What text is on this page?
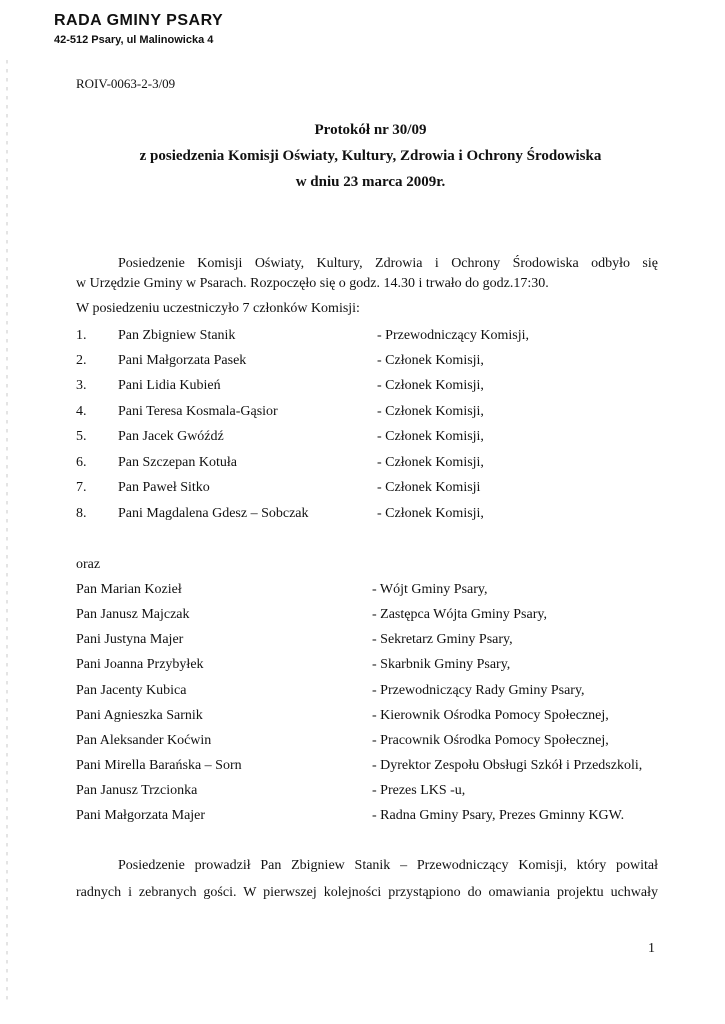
RADA GMINY PSARY
42-512 Psary, ul Malinowicka 4
ROIV-0063-2-3/09
Protokół nr 30/09
z posiedzenia Komisji Oświaty, Kultury, Zdrowia i Ochrony Środowiska
w dniu 23 marca 2009r.
Posiedzenie Komisji Oświaty, Kultury, Zdrowia i Ochrony Środowiska odbyło się
w Urzędzie Gminy w Psarach. Rozpoczęło się o godz. 14.30 i trwało do godz.17:30.
W posiedzeniu uczestniczyło 7 członków Komisji:
1. Pan Zbigniew Stanik	- Przewodniczący Komisji,
2. Pani Małgorzata Pasek	- Członek Komisji,
3. Pani Lidia Kubień	- Członek Komisji,
4. Pani Teresa Kosmala-Gąsior	- Członek Komisji,
5. Pan Jacek Gwóźdź	- Członek Komisji,
6. Pan Szczepan Kotuła	- Członek Komisji,
7. Pan Paweł Sitko	- Członek Komisji
8. Pani Magdalena Gdesz – Sobczak	- Członek Komisji,
oraz
Pan Marian Kozieł	- Wójt Gminy Psary,
Pan Janusz Majczak	- Zastępca Wójta Gminy Psary,
Pani Justyna Majer	- Sekretarz Gminy Psary,
Pani Joanna Przybyłek	- Skarbnik Gminy Psary,
Pan Jacenty Kubica	- Przewodniczący Rady Gminy Psary,
Pani Agnieszka Sarnik	- Kierownik Ośrodka Pomocy Społecznej,
Pan Aleksander Koćwin	- Pracownik Ośrodka Pomocy Społecznej,
Pani Mirella Barańska – Sorn	- Dyrektor Zespołu Obsługi Szkół i Przedszkoli,
Pan Janusz Trzcionka	- Prezes LKS -u,
Pani Małgorzata Majer	- Radna Gminy Psary, Prezes Gminny KGW.
Posiedzenie prowadził Pan Zbigniew Stanik – Przewodniczący Komisji, który powitał
radnych i zebranych gości. W pierwszej kolejności przystąpiono do omawiania projektu uchwały
1
